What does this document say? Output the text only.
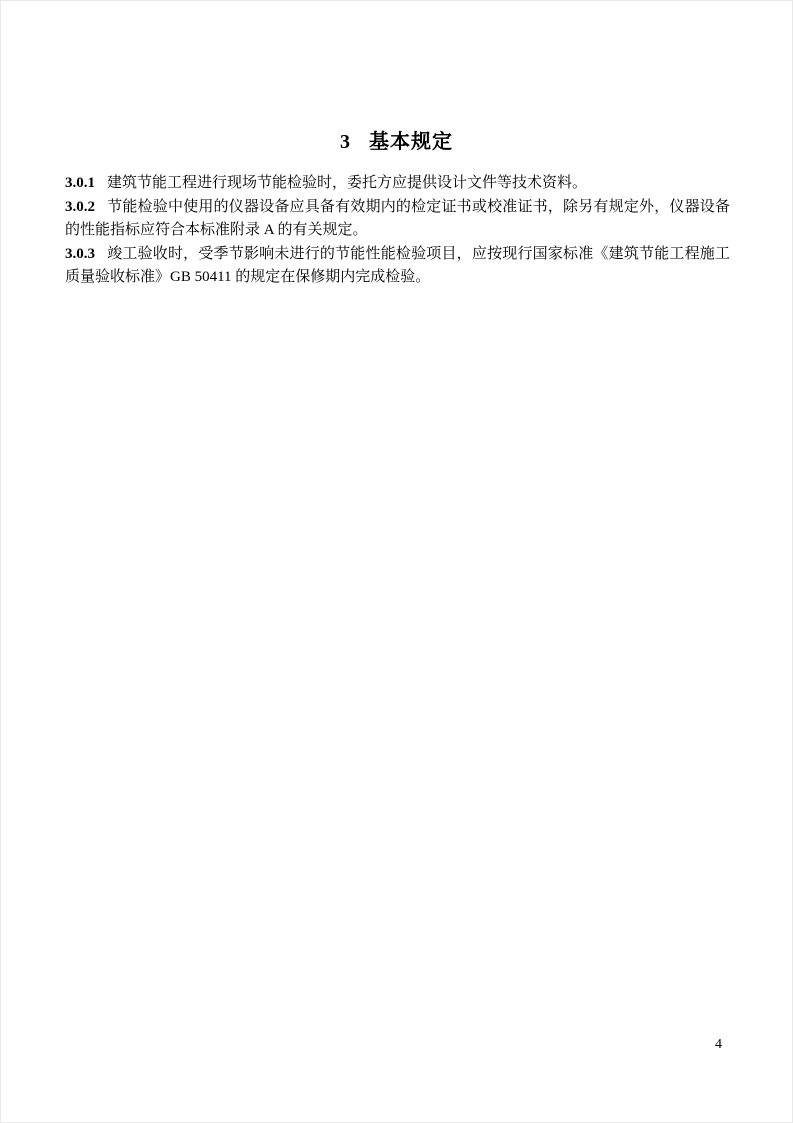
3 基本规定

3.0.1 建筑节能工程进行现场节能检验时，委托方应提供设计文件等技术资料。

3.0.2 节能检验中使用的仪器设备应具备有效期内的检定证书或校准证书，除另有规定外，仪器设备的性能指标应符合本标准附录 A 的有关规定。

3.0.3 竣工验收时，受季节影响未进行的节能性能检验项目，应按现行国家标准《建筑节能工程施工质量验收标准》GB 50411 的规定在保修期内完成检验。

4
